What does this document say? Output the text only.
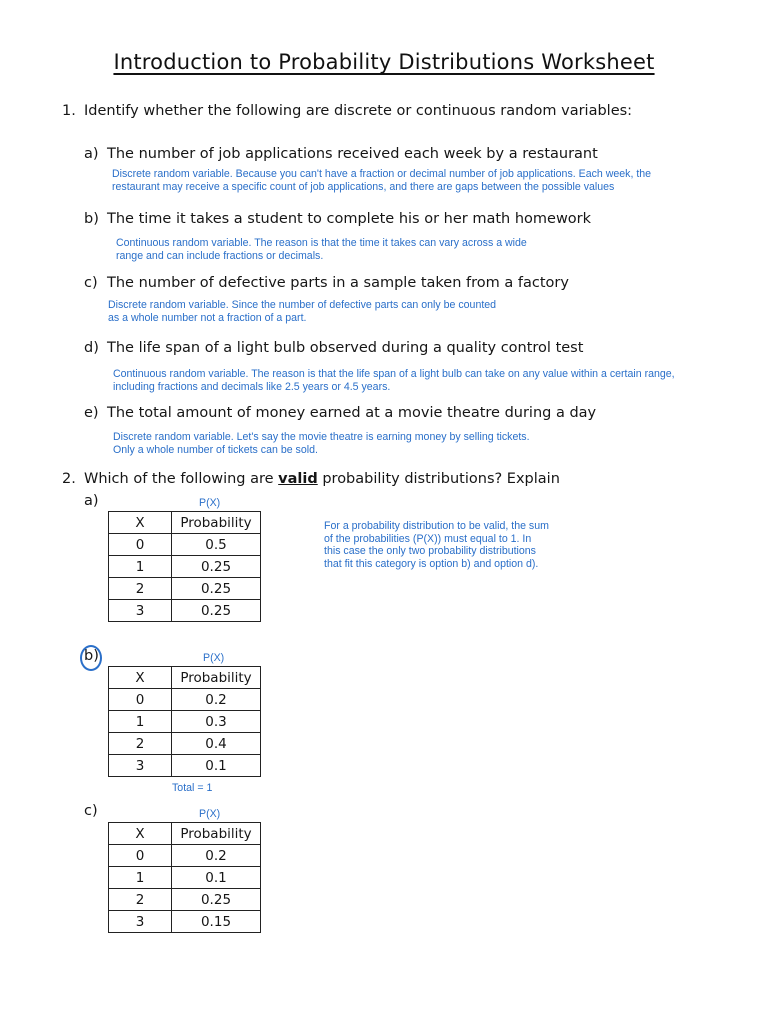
Introduction to Probability Distributions Worksheet
1. Identify whether the following are discrete or continuous random variables:
a) The number of job applications received each week by a restaurant
Discrete random variable. Because you can't have a fraction or decimal number of job applications. Each week, the
restaurant may receive a specific count of job applications, and there are gaps between the possible values
b) The time it takes a student to complete his or her math homework
Continuous random variable. The reason is that the time it takes can vary across a wide
range and can include fractions or decimals.
c) The number of defective parts in a sample taken from a factory
Discrete random variable. Since the number of defective parts can only be counted
as a whole number not a fraction of a part.
d) The life span of a light bulb observed during a quality control test
Continuous random variable. The reason is that the life span of a light bulb can take on any value within a certain range,
including fractions and decimals like 2.5 years or 4.5 years.
e) The total amount of money earned at a movie theatre during a day
Discrete random variable. Let's say the movie theatre is earning money by selling tickets.
Only a whole number of tickets can be sold.
2. Which of the following are valid probability distributions? Explain
For a probability distribution to be valid, the sum
of the probabilities (P(X)) must equal to 1. In
this case the only two probability distributions
that fit this category is option b) and option d).
a)	P(X)
X	Probability
0	0.5
1	0.25
2	0.25
3	0.25
b)	P(X)
X	Probability
0	0.2
1	0.3
2	0.4
3	0.1
Total = 1
c)	P(X)
X	Probability
0	0.2
1	0.1
2	0.25
3	0.15
